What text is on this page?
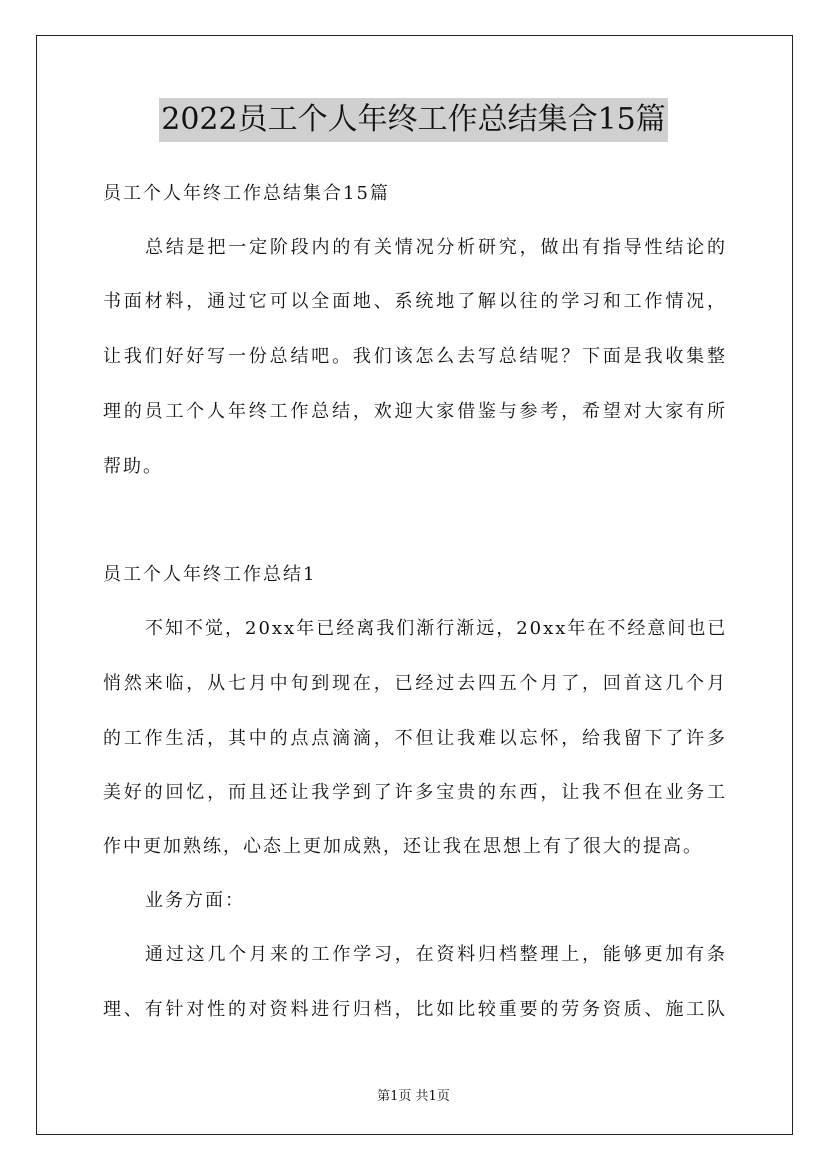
2022员工个人年终工作总结集合15篇
员工个人年终工作总结集合15篇
总结是把一定阶段内的有关情况分析研究，做出有指导性结论的
书面材料，通过它可以全面地、系统地了解以往的学习和工作情况，
让我们好好写一份总结吧。我们该怎么去写总结呢？下面是我收集整
理的员工个人年终工作总结，欢迎大家借鉴与参考，希望对大家有所
帮助。
员工个人年终工作总结1
不知不觉，20xx年已经离我们渐行渐远，20xx年在不经意间也已
悄然来临，从七月中旬到现在，已经过去四五个月了，回首这几个月
的工作生活，其中的点点滴滴，不但让我难以忘怀，给我留下了许多
美好的回忆，而且还让我学到了许多宝贵的东西，让我不但在业务工
作中更加熟练，心态上更加成熟，还让我在思想上有了很大的提高。
业务方面：
通过这几个月来的工作学习，在资料归档整理上，能够更加有条
理、有针对性的对资料进行归档，比如比较重要的劳务资质、施工队
第1页 共1页
